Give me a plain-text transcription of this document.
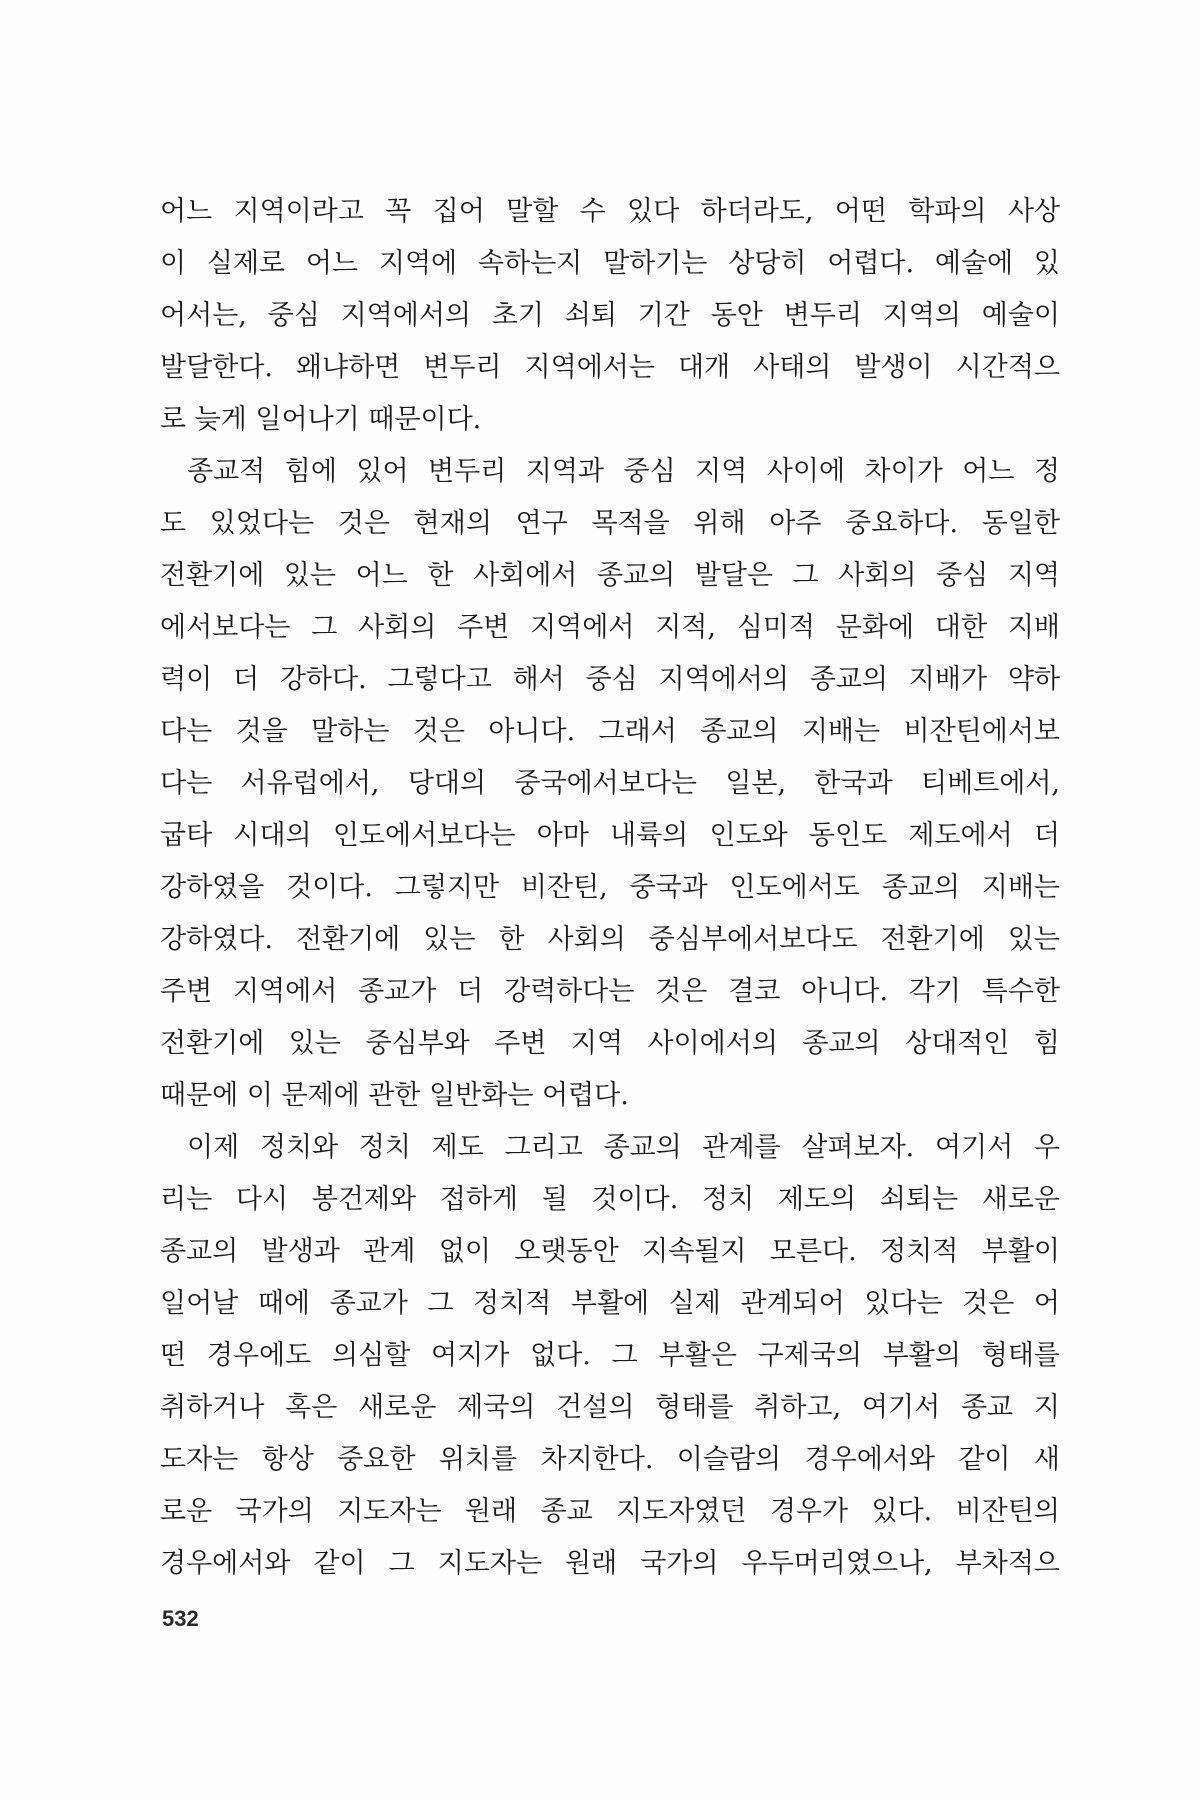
어느 지역이라고 꼭 집어 말할 수 있다 하더라도, 어떤 학파의 사상
이 실제로 어느 지역에 속하는지 말하기는 상당히 어렵다. 예술에 있
어서는, 중심 지역에서의 초기 쇠퇴 기간 동안 변두리 지역의 예술이
발달한다. 왜냐하면 변두리 지역에서는 대개 사태의 발생이 시간적으
로 늦게 일어나기 때문이다.
종교적 힘에 있어 변두리 지역과 중심 지역 사이에 차이가 어느 정
도 있었다는 것은 현재의 연구 목적을 위해 아주 중요하다. 동일한
전환기에 있는 어느 한 사회에서 종교의 발달은 그 사회의 중심 지역
에서보다는 그 사회의 주변 지역에서 지적, 심미적 문화에 대한 지배
력이 더 강하다. 그렇다고 해서 중심 지역에서의 종교의 지배가 약하
다는 것을 말하는 것은 아니다. 그래서 종교의 지배는 비잔틴에서보
다는 서유럽에서, 당대의 중국에서보다는 일본, 한국과 티베트에서,
굽타 시대의 인도에서보다는 아마 내륙의 인도와 동인도 제도에서 더
강하였을 것이다. 그렇지만 비잔틴, 중국과 인도에서도 종교의 지배는
강하였다. 전환기에 있는 한 사회의 중심부에서보다도 전환기에 있는
주변 지역에서 종교가 더 강력하다는 것은 결코 아니다. 각기 특수한
전환기에 있는 중심부와 주변 지역 사이에서의 종교의 상대적인 힘
때문에 이 문제에 관한 일반화는 어렵다.
이제 정치와 정치 제도 그리고 종교의 관계를 살펴보자. 여기서 우
리는 다시 봉건제와 접하게 될 것이다. 정치 제도의 쇠퇴는 새로운
종교의 발생과 관계 없이 오랫동안 지속될지 모른다. 정치적 부활이
일어날 때에 종교가 그 정치적 부활에 실제 관계되어 있다는 것은 어
떤 경우에도 의심할 여지가 없다. 그 부활은 구제국의 부활의 형태를
취하거나 혹은 새로운 제국의 건설의 형태를 취하고, 여기서 종교 지
도자는 항상 중요한 위치를 차지한다. 이슬람의 경우에서와 같이 새
로운 국가의 지도자는 원래 종교 지도자였던 경우가 있다. 비잔틴의
경우에서와 같이 그 지도자는 원래 국가의 우두머리였으나, 부차적으
532
